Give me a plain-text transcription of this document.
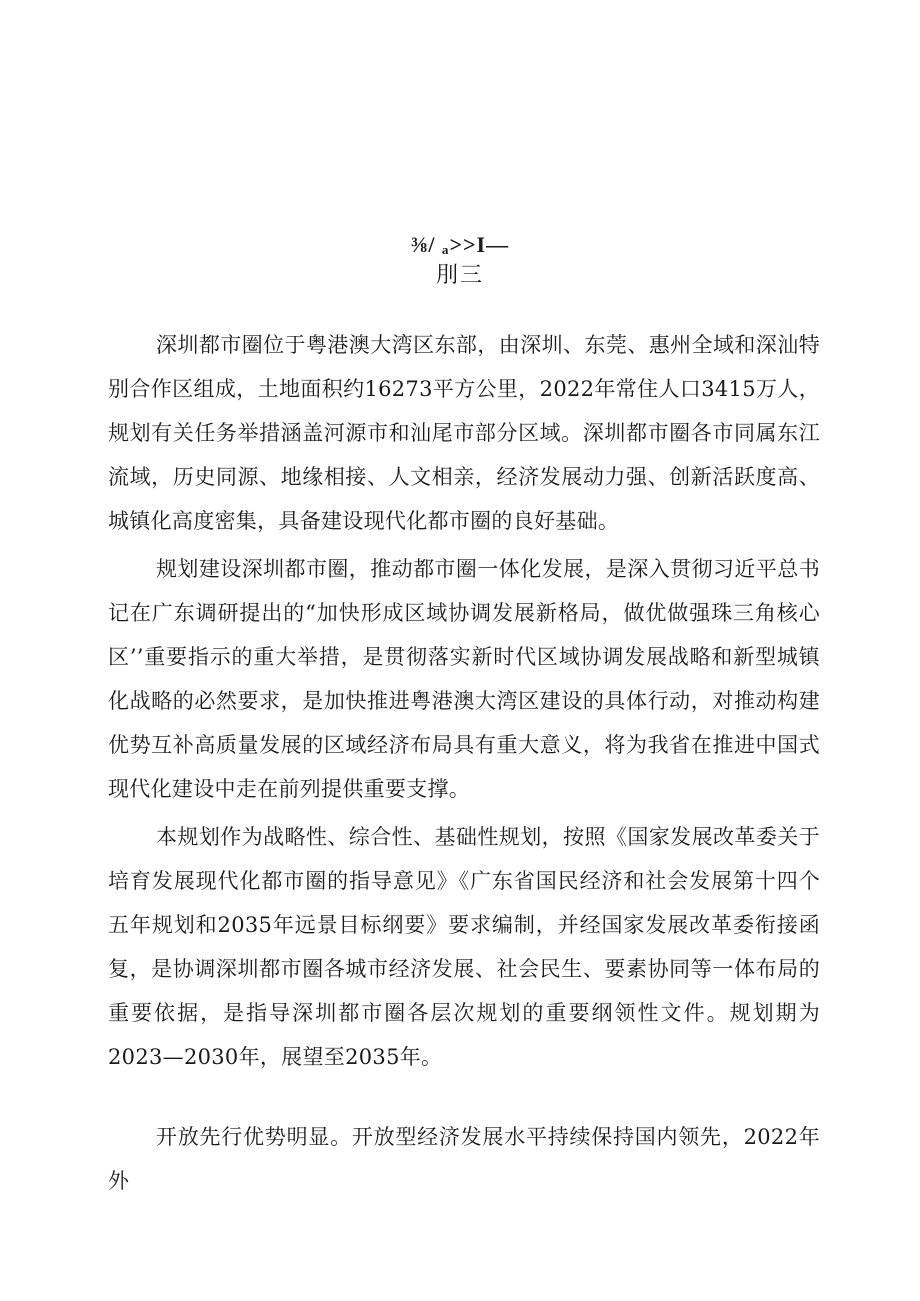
⅜/ ₐ>>I—
刖三

深圳都市圈位于粤港澳大湾区东部，由深圳、东莞、惠州全域和深汕特别合作区组成，土地面积约16273平方公里，2022年常住人口3415万人，规划有关任务举措涵盖河源市和汕尾市部分区域。深圳都市圈各市同属东江流域，历史同源、地缘相接、人文相亲，经济发展动力强、创新活跃度高、城镇化高度密集，具备建设现代化都市圈的良好基础。

规划建设深圳都市圈，推动都市圈一体化发展，是深入贯彻习近平总书记在广东调研提出的“加快形成区域协调发展新格局，做优做强珠三角核心区’’重要指示的重大举措，是贯彻落实新时代区域协调发展战略和新型城镇化战略的必然要求，是加快推进粤港澳大湾区建设的具体行动，对推动构建优势互补高质量发展的区域经济布局具有重大意义，将为我省在推进中国式现代化建设中走在前列提供重要支撑。

本规划作为战略性、综合性、基础性规划，按照《国家发展改革委关于培育发展现代化都市圈的指导意见》《广东省国民经济和社会发展第十四个五年规划和2035年远景目标纲要》要求编制，并经国家发展改革委衔接函复，是协调深圳都市圈各城市经济发展、社会民生、要素协同等一体布局的重要依据，是指导深圳都市圈各层次规划的重要纲领性文件。规划期为2023—2030年，展望至2035年。

开放先行优势明显。开放型经济发展水平持续保持国内领先，2022年外
